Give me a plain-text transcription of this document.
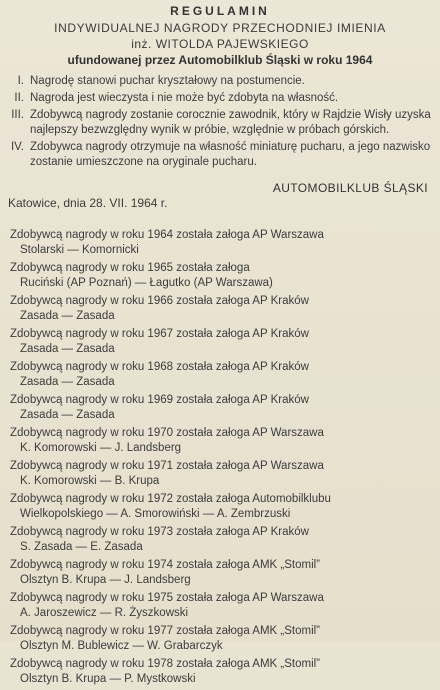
REGULAMIN
INDYWIDUALNEJ NAGRODY PRZECHODNIEJ IMIENIA
inż. WITOLDA PAJEWSKIEGO
ufundowanej przez Automobilklub Śląski w roku 1964
I. Nagrodę stanowi puchar kryształowy na postumencie.
II. Nagroda jest wieczysta i nie może być zdobyta na własność.
III. Zdobywcą nagrody zostanie corocznie zawodnik, który w Rajdzie Wisły uzyska najlepszy bezwzględny wynik w próbie, względnie w próbach górskich.
IV. Zdobywca nagrody otrzymuje na własność miniaturę pucharu, a jego nazwisko zostanie umieszczone na oryginale pucharu.
AUTOMOBILKLUB ŚLĄSKI
Katowice, dnia 28. VII. 1964 r.
Zdobywcą nagrody w roku 1964 została załoga AP Warszawa
Stolarski — Komornicki
Zdobywcą nagrody w roku 1965 została załoga
Ruciński (AP Poznań) — Łagutko (AP Warszawa)
Zdobywcą nagrody w roku 1966 została załoga AP Kraków
Zasada — Zasada
Zdobywcą nagrody w roku 1967 została załoga AP Kraków
Zasada — Zasada
Zdobywcą nagrody w roku 1968 została załoga AP Kraków
Zasada — Zasada
Zdobywcą nagrody w roku 1969 została załoga AP Kraków
Zasada — Zasada
Zdobywcą nagrody w roku 1970 została załoga AP Warszawa
K. Komorowski — J. Landsberg
Zdobywcą nagrody w roku 1971 została załoga AP Warszawa
K. Komorowski — B. Krupa
Zdobywcą nagrody w roku 1972 została załoga Automobilklubu
Wielkopolskiego — A. Smorowiński — A. Zembrzuski
Zdobywcą nagrody w roku 1973 została załoga AP Kraków
S. Zasada — E. Zasada
Zdobywcą nagrody w roku 1974 została załoga AMK „Stomil”
Olsztyn B. Krupa — J. Landsberg
Zdobywcą nagrody w roku 1975 została załoga AP Warszawa
A. Jaroszewicz — R. Żyszkowski
Zdobywcą nagrody w roku 1977 została załoga AMK „Stomil”
Olsztyn M. Bublewicz — W. Grabarczyk
Zdobywcą nagrody w roku 1978 została załoga AMK „Stomil”
Olsztyn B. Krupa — P. Mystkowski
